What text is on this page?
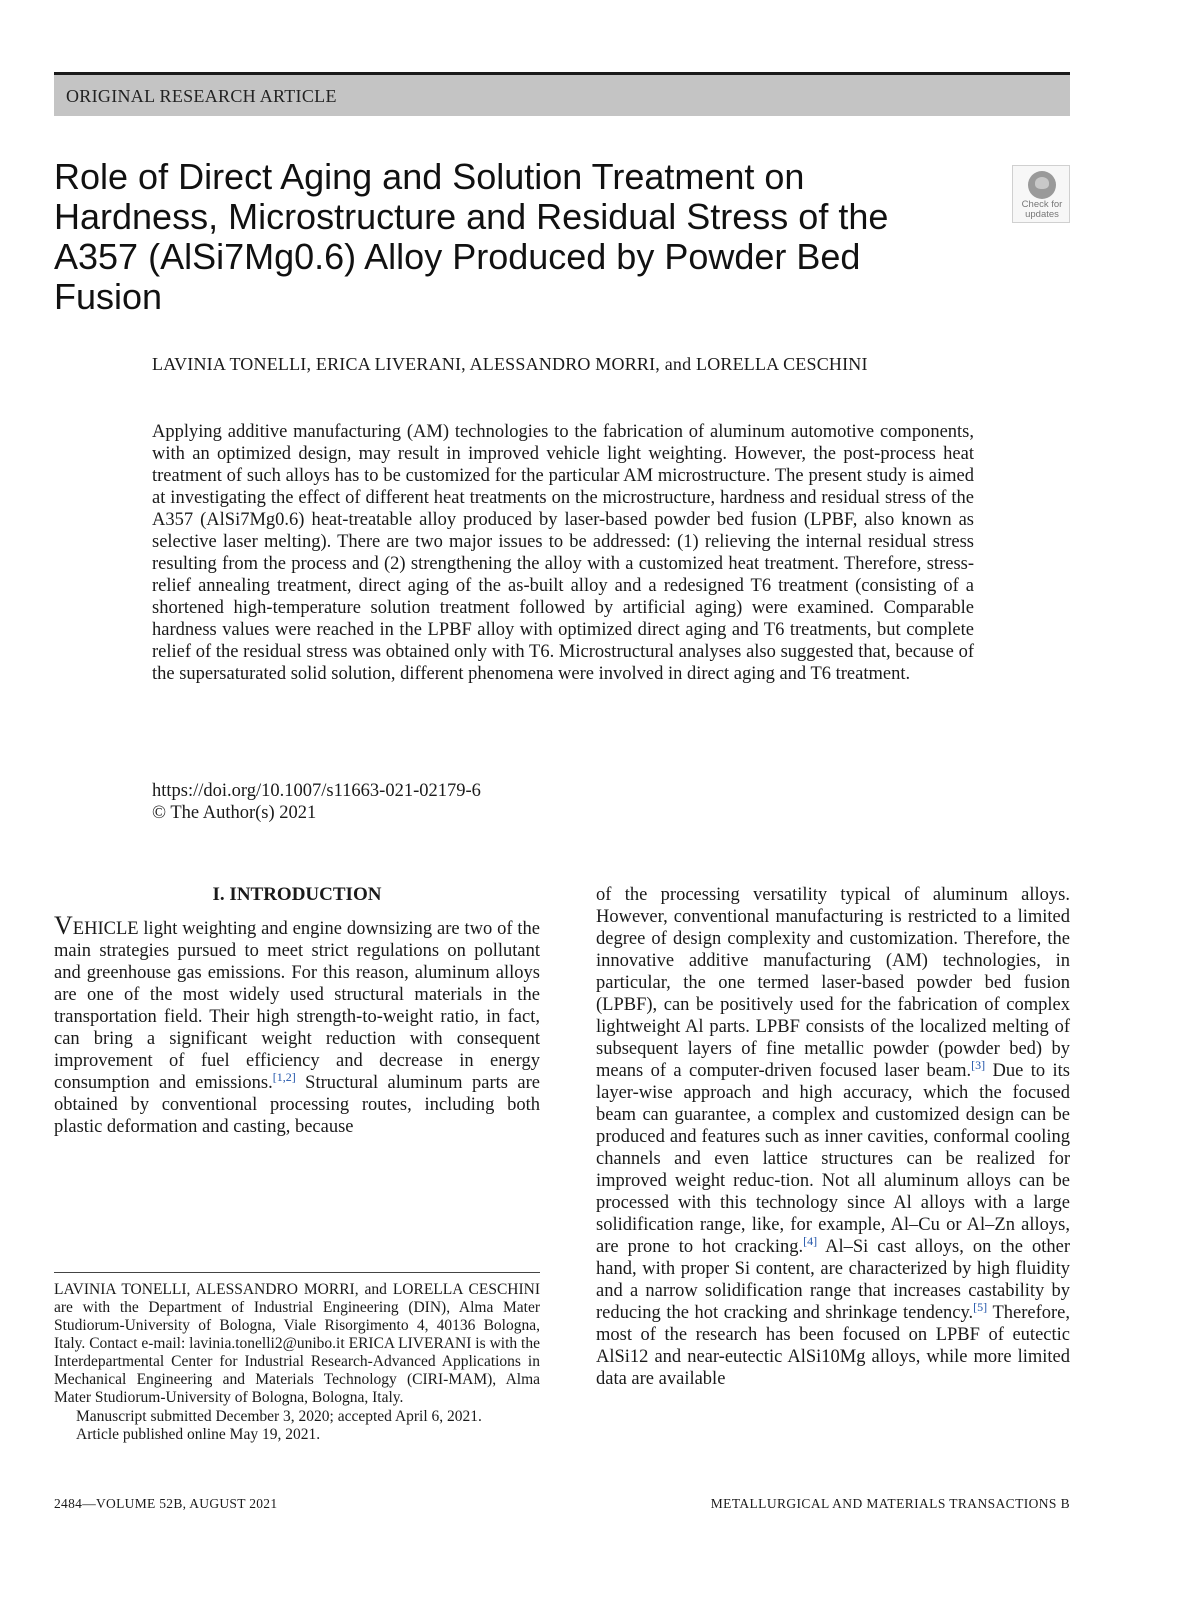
ORIGINAL RESEARCH ARTICLE
Role of Direct Aging and Solution Treatment on Hardness, Microstructure and Residual Stress of the A357 (AlSi7Mg0.6) Alloy Produced by Powder Bed Fusion
Check for updates
LAVINIA TONELLI, ERICA LIVERANI, ALESSANDRO MORRI, and LORELLA CESCHINI

Applying additive manufacturing (AM) technologies to the fabrication of aluminum automotive components, with an optimized design, may result in improved vehicle light weighting. However, the post-process heat treatment of such alloys has to be customized for the particular AM microstructure. The present study is aimed at investigating the effect of different heat treatments on the microstructure, hardness and residual stress of the A357 (AlSi7Mg0.6) heat-treatable alloy produced by laser-based powder bed fusion (LPBF, also known as selective laser melting). There are two major issues to be addressed: (1) relieving the internal residual stress resulting from the process and (2) strengthening the alloy with a customized heat treatment. Therefore, stress-relief annealing treatment, direct aging of the as-built alloy and a redesigned T6 treatment (consisting of a shortened high-temperature solution treatment followed by artificial aging) were examined. Comparable hardness values were reached in the LPBF alloy with optimized direct aging and T6 treatments, but complete relief of the residual stress was obtained only with T6. Microstructural analyses also suggested that, because of the supersaturated solid solution, different phenomena were involved in direct aging and T6 treatment.

https://doi.org/10.1007/s11663-021-02179-6
© The Author(s) 2021
I. INTRODUCTION

VEHICLE light weighting and engine downsizing are two of the main strategies pursued to meet strict regulations on pollutant and greenhouse gas emissions. For this reason, aluminum alloys are one of the most widely used structural materials in the transportation field. Their high strength-to-weight ratio, in fact, can bring a significant weight reduction with consequent improvement of fuel efficiency and decrease in energy consumption and emissions.[1,2] Structural aluminum parts are obtained by conventional processing routes, including both plastic deformation and casting, because

of the processing versatility typical of aluminum alloys. However, conventional manufacturing is restricted to a limited degree of design complexity and customization. Therefore, the innovative additive manufacturing (AM) technologies, in particular, the one termed laser-based powder bed fusion (LPBF), can be positively used for the fabrication of complex lightweight Al parts. LPBF consists of the localized melting of subsequent layers of fine metallic powder (powder bed) by means of a computer-driven focused laser beam.[3] Due to its layer-wise approach and high accuracy, which the focused beam can guarantee, a complex and customized design can be produced and features such as inner cavities, conformal cooling channels and even lattice structures can be realized for improved weight reduc-tion. Not all aluminum alloys can be processed with this technology since Al alloys with a large solidification range, like, for example, Al–Cu or Al–Zn alloys, are prone to hot cracking.[4] Al–Si cast alloys, on the other hand, with proper Si content, are characterized by high fluidity and a narrow solidification range that increases castability by reducing the hot cracking and shrinkage tendency.[5] Therefore, most of the research has been focused on LPBF of eutectic AlSi12 and near-eutectic AlSi10Mg alloys, while more limited data are available

LAVINIA TONELLI, ALESSANDRO MORRI, and LORELLA CESCHINI are with the Department of Industrial Engineering (DIN), Alma Mater Studiorum-University of Bologna, Viale Risorgimento 4, 40136 Bologna, Italy. Contact e-mail: lavinia.tonelli2@unibo.it ERICA LIVERANI is with the Interdepartmental Center for Industrial Research-Advanced Applications in Mechanical Engineering and Materials Technology (CIRI-MAM), Alma Mater Studiorum-University of Bologna, Bologna, Italy.

Manuscript submitted December 3, 2020; accepted April 6, 2021.
Article published online May 19, 2021.
2484—VOLUME 52B, AUGUST 2021	METALLURGICAL AND MATERIALS TRANSACTIONS B
